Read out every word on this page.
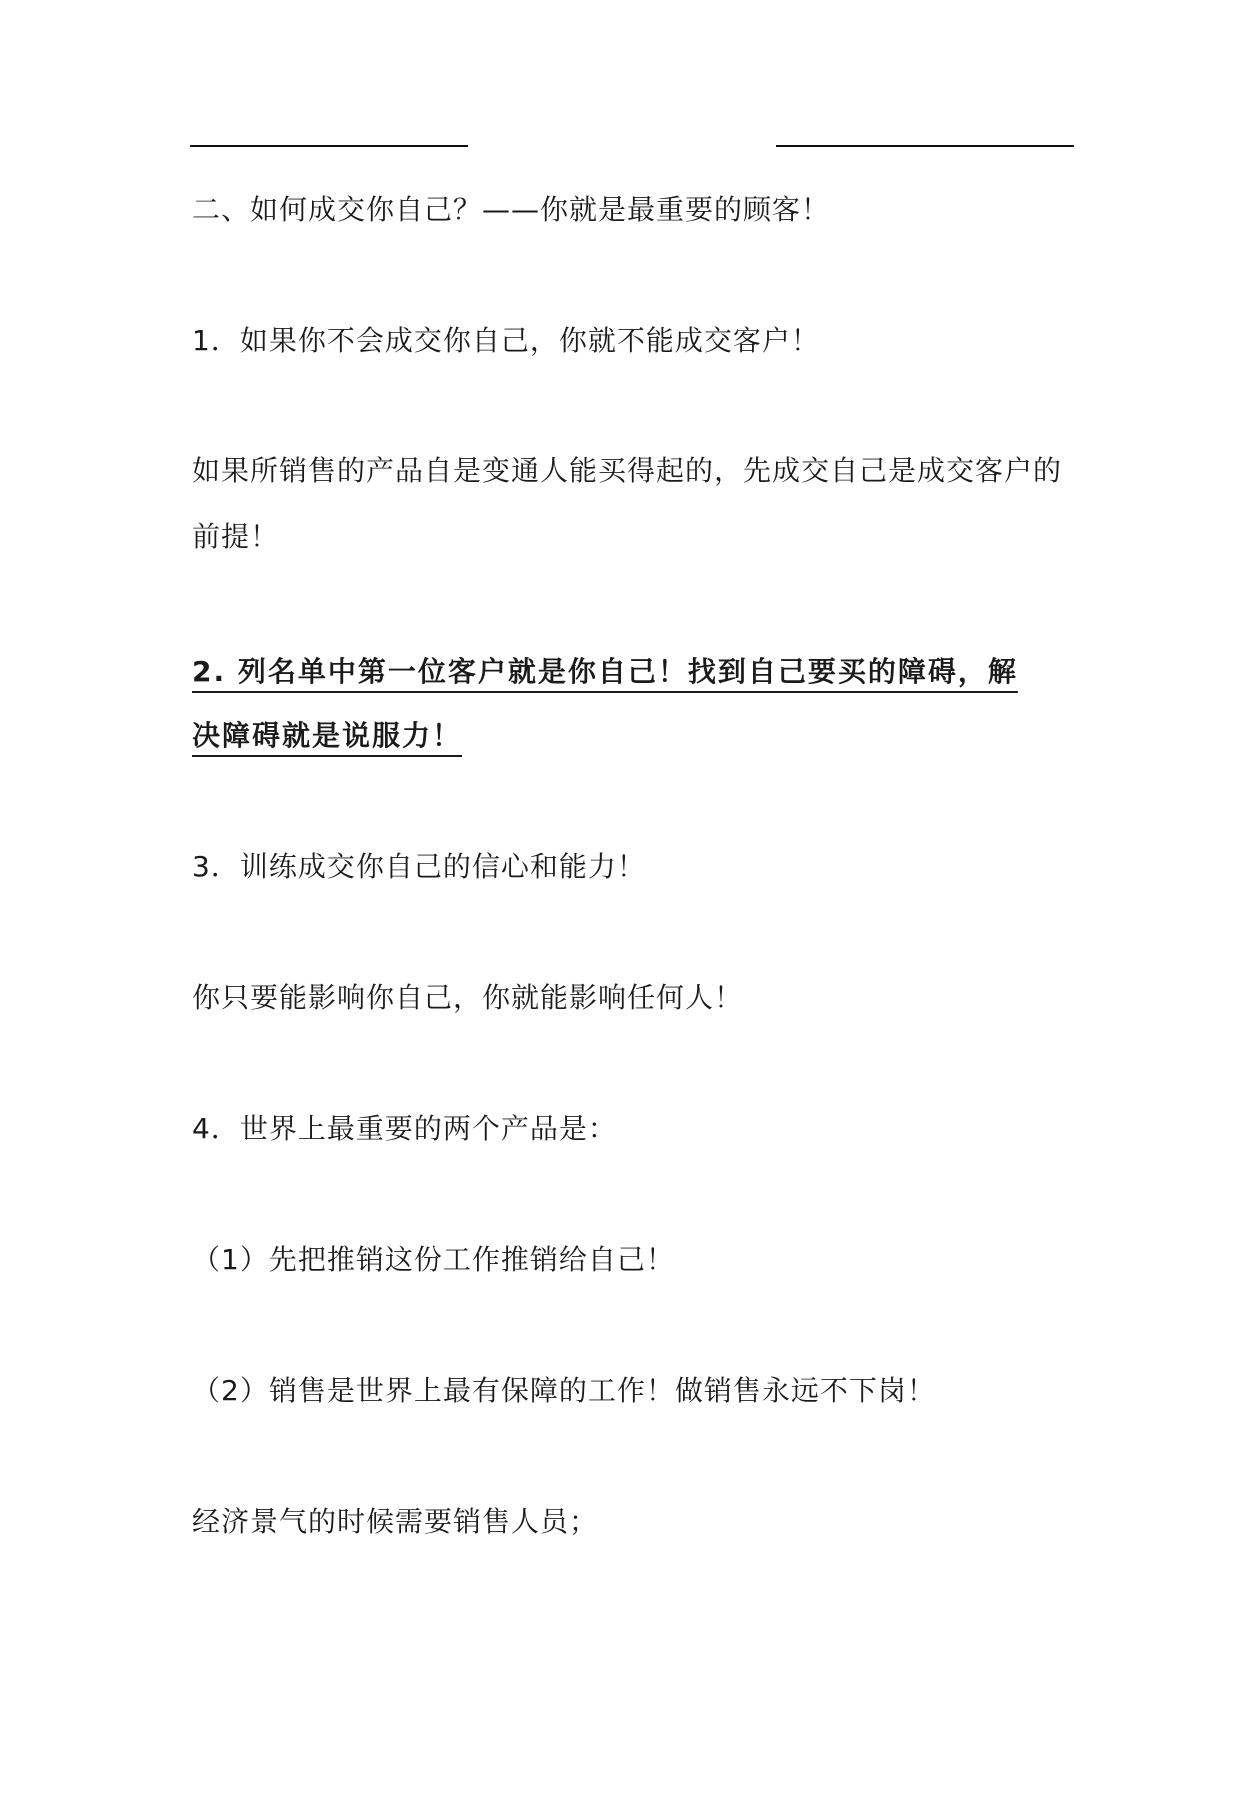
二、如何成交你自己？——你就是最重要的顾客！
1．如果你不会成交你自己，你就不能成交客户！
如果所销售的产品自是变通人能买得起的，先成交自己是成交客户的
前提！
2. 列名单中第一位客户就是你自己！找到自己要买的障碍，解
决障碍就是说服力！
3．训练成交你自己的信心和能力！
你只要能影响你自己，你就能影响任何人！
4．世界上最重要的两个产品是：
（1）先把推销这份工作推销给自己！
（2）销售是世界上最有保障的工作！做销售永远不下岗！
经济景气的时候需要销售人员；
